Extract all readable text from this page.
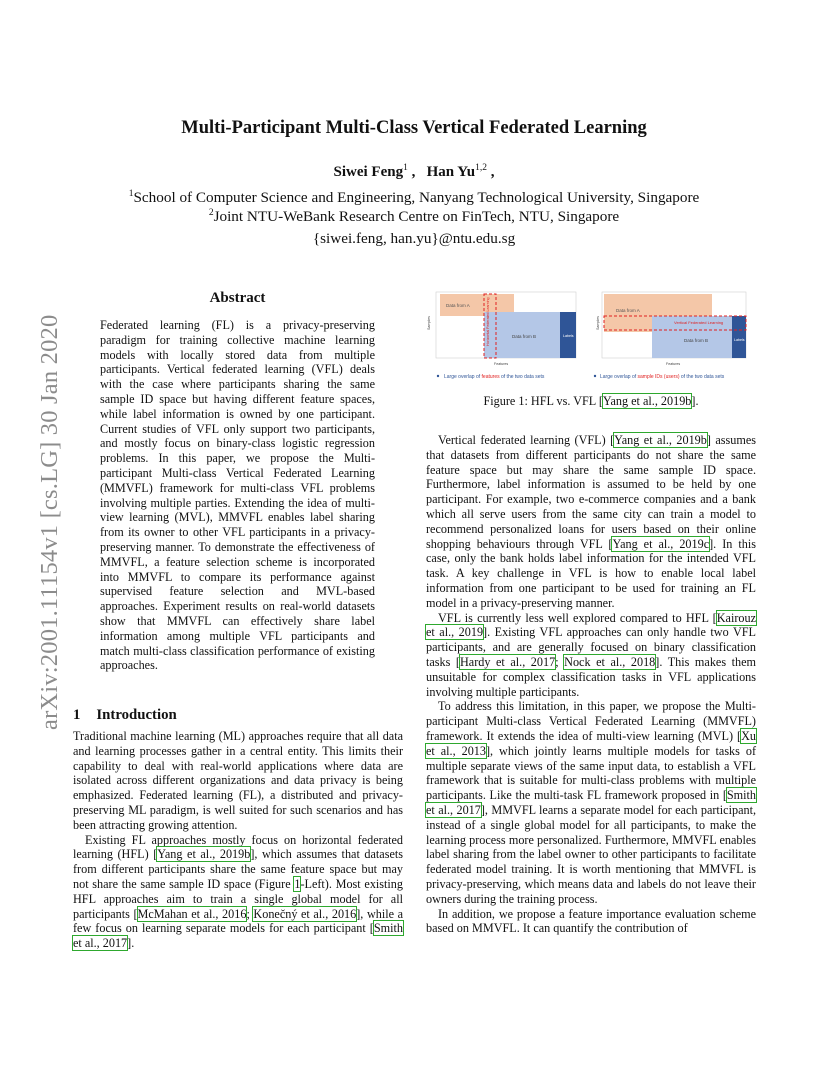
arXiv:2001.11154v1 [cs.LG] 30 Jan 2020
Multi-Participant Multi-Class Vertical Federated Learning
Siwei Feng$^1$ ,   Han Yu$^{1,2}$ ,
$^1$School of Computer Science and Engineering, Nanyang Technological University, Singapore
$^2$Joint NTU-WeBank Research Centre on FinTech, NTU, Singapore
{siwei.feng, han.yu}@ntu.edu.sg
Abstract
Federated learning (FL) is a privacy-preserving paradigm for training collective machine learning models with locally stored data from multiple participants. Vertical federated learning (VFL) deals with the case where participants sharing the same sample ID space but having different feature spaces, while label information is owned by one participant. Current studies of VFL only support two participants, and mostly focus on binary-class logistic regression problems. In this paper, we propose the Multi-participant Multi-class Vertical Federated Learning (MMVFL) framework for multi-class VFL problems involving multiple parties. Extending the idea of multi-view learning (MVL), MMVFL enables label sharing from its owner to other VFL participants in a privacy-preserving manner. To demonstrate the effectiveness of MMVFL, a feature selection scheme is incorporated into MMVFL to compare its performance against supervised feature selection and MVL-based approaches. Experiment results on real-world datasets show that MMVFL can effectively share label information among multiple VFL participants and match multi-class classification performance of existing approaches.
1 Introduction

Traditional machine learning (ML) approaches require that all data and learning processes gather in a central entity. This limits their capability to deal with real-world applications where data are isolated across different organizations and data privacy is being emphasized. Federated learning (FL), a distributed and privacy-preserving ML paradigm, is well suited for such scenarios and has been attracting growing attention.

Existing FL approaches mostly focus on horizontal federated learning (HFL) [Yang et al., 2019b], which assumes that datasets from different participants share the same feature space but may not share the same sample ID space (Figure 1-Left). Most existing HFL approaches aim to train a single global model for all participants [McMahan et al., 2016; Konečný et al., 2016], while a few focus on learning separate models for each participant [Smith et al., 2017].

Data from A
Data from B	Labels
Horizontal Federated Learning
Samples
Features
Large overlap of features of the two data sets
Data from A
Vertical Federated Learning
Data from B	Labels
Samples
Features
Large overlap of sample IDs (users) of the two data sets
Figure 1: HFL vs. VFL [Yang et al., 2019b].

Vertical federated learning (VFL) [Yang et al., 2019b] assumes that datasets from different participants do not share the same feature space but may share the same sample ID space. Furthermore, label information is assumed to be held by one participant. For example, two e-commerce companies and a bank which all serve users from the same city can train a model to recommend personalized loans for users based on their online shopping behaviours through VFL [Yang et al., 2019c]. In this case, only the bank holds label information for the intended VFL task. A key challenge in VFL is how to enable local label information from one participant to be used for training an FL model in a privacy-preserving manner.

VFL is currently less well explored compared to HFL [Kairouz et al., 2019]. Existing VFL approaches can only handle two VFL participants, and are generally focused on binary classification tasks [Hardy et al., 2017; Nock et al., 2018]. This makes them unsuitable for complex classification tasks in VFL applications involving multiple participants.

To address this limitation, in this paper, we propose the Multi-participant Multi-class Vertical Federated Learning (MMVFL) framework. It extends the idea of multi-view learning (MVL) [Xu et al., 2013], which jointly learns multiple models for tasks of multiple separate views of the same input data, to establish a VFL framework that is suitable for multi-class problems with multiple participants. Like the multi-task FL framework proposed in [Smith et al., 2017], MMVFL learns a separate model for each participant, instead of a single global model for all participants, to make the learning process more personalized. Furthermore, MMVFL enables label sharing from the label owner to other participants to facilitate federated model training. It is worth mentioning that MMVFL is privacy-preserving, which means data and labels do not leave their owners during the training process.

In addition, we propose a feature importance evaluation scheme based on MMVFL. It can quantify the contribution of
